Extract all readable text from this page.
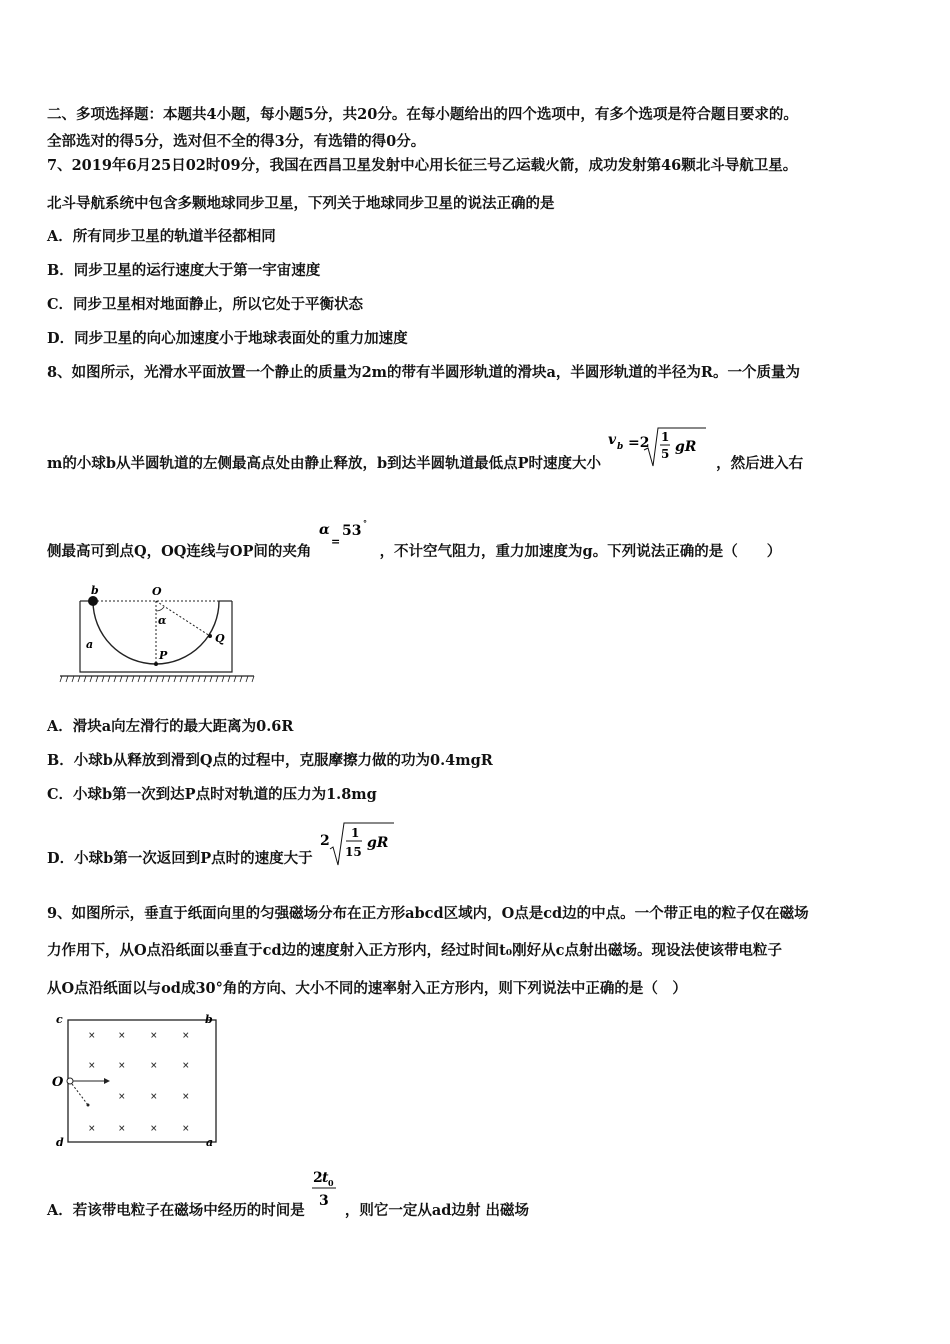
二、多项选择题：本题共4小题，每小题5分，共20分。在每小题给出的四个选项中，有多个选项是符合题目要求的。
全部选对的得5分，选对但不全的得3分，有选错的得0分。
7、2019年6月25日02时09分，我国在西昌卫星发射中心用长征三号乙运载火箭，成功发射第46颗北斗导航卫星。
北斗导航系统中包含多颗地球同步卫星，下列关于地球同步卫星的说法正确的是
A．所有同步卫星的轨道半径都相同
B．同步卫星的运行速度大于第一宇宙速度
C．同步卫星相对地面静止，所以它处于平衡状态
D．同步卫星的向心加速度小于地球表面处的重力加速度
8、如图所示，光滑水平面放置一个静止的质量为2m的带有半圆形轨道的滑块a，半圆形轨道的半径为R。一个质量为
m的小球b从半圆轨道的左侧最高点处由静止释放，b到达半圆轨道最低点P时速度大小
v b =2 1
5 gR
，然后进入右
侧最高可到点Q，OQ连线与OP间的夹角
α
=
53 °
，不计空气阻力，重力加速度为g。下列说法正确的是（　　）
b	O
α
Q
P
a
A．滑块a向左滑行的最大距离为0.6R
B．小球b从释放到滑到Q点的过程中，克服摩擦力做的功为0.4mgR
C．小球b第一次到达P点时对轨道的压力为1.8mg
D．小球b第一次返回到P点时的速度大于
2 1
15
gR
9、如图所示，垂直于纸面向里的匀强磁场分布在正方形abcd区域内，O点是cd边的中点。一个带正电的粒子仅在磁场
力作用下，从O点沿纸面以垂直于cd边的速度射入正方形内，经过时间t₀刚好从c点射出磁场。现设法使该带电粒子
从O点沿纸面以与od成30°角的方向、大小不同的速率射入正方形内，则下列说法中正确的是（　）
× ×	×	×
× ×	×	×
×	×	×
× ×	×	×
c	b
O
d	a
A．若该带电粒子在磁场中经历的时间是
2 t 0
3
，则它一定从ad边射 出磁场
